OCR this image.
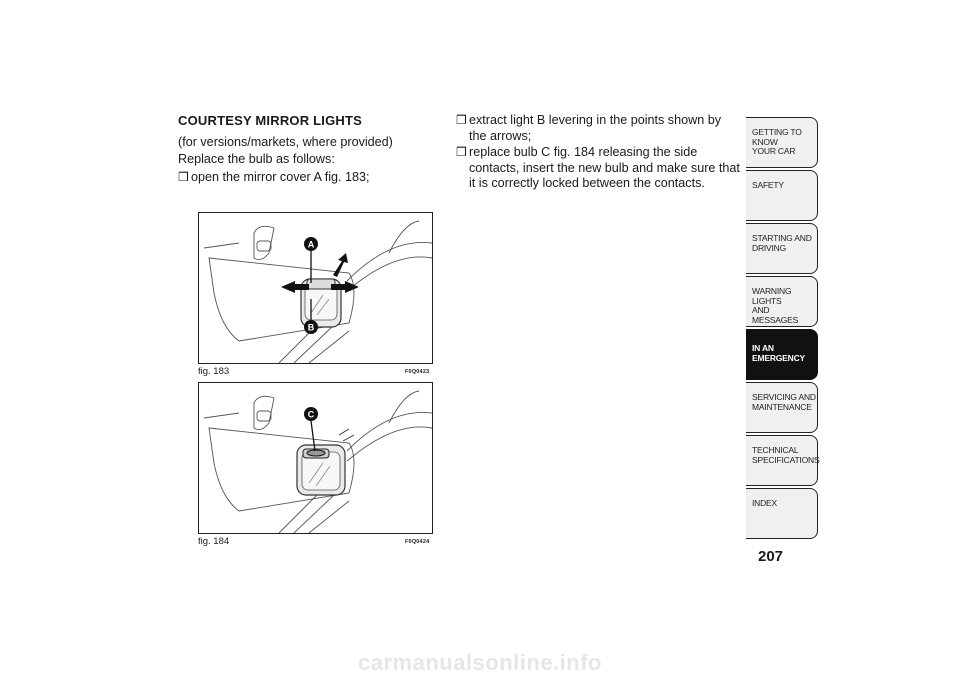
COURTESY MIRROR LIGHTS
(for versions/markets, where provided)
Replace the bulb as follows:
❒ open the mirror cover A fig. 183;
❒ extract light B levering in the points shown by the arrows;
❒ replace bulb C fig. 184 releasing the side contacts, insert the new bulb and make sure that it is correctly locked between the contacts.
A
B
fig. 183	F0Q0423
C
fig. 184	F0Q0424
GETTING TO KNOW
YOUR CAR
SAFETY
STARTING AND
DRIVING
WARNING LIGHTS
AND MESSAGES
IN AN
EMERGENCY
SERVICING AND
MAINTENANCE
TECHNICAL
SPECIFICATIONS
INDEX
207
carmanualsonline.info
